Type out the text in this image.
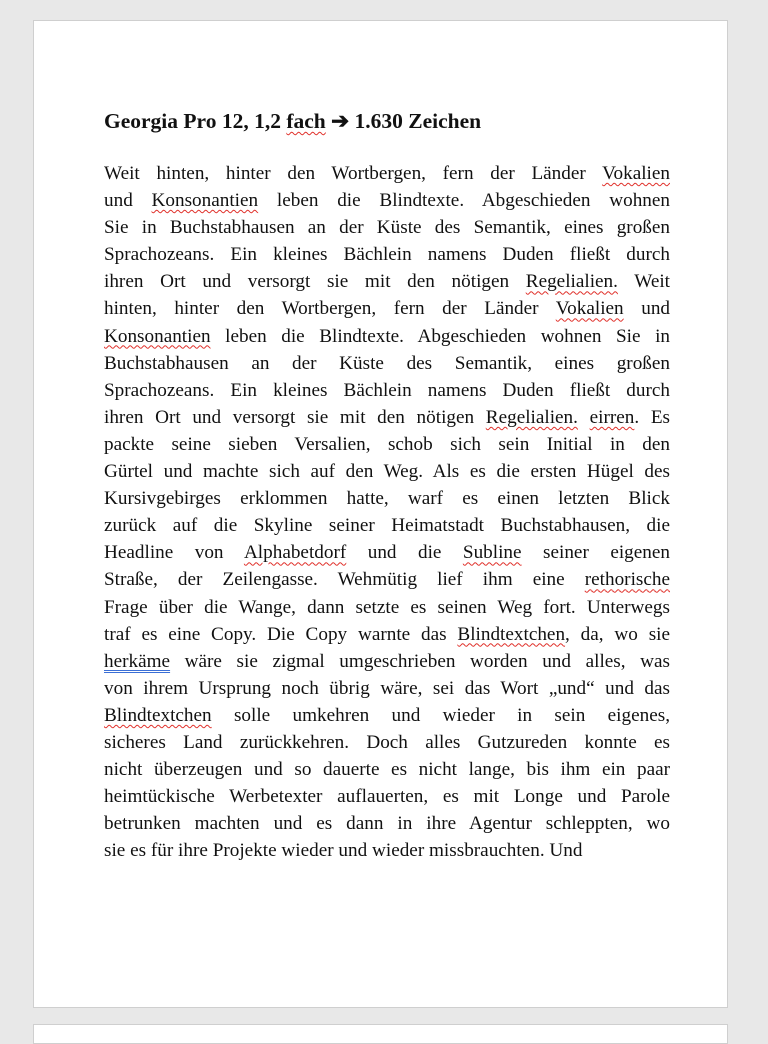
Georgia Pro 12, 1,2 fach ➔ 1.630 Zeichen
Weit hinten, hinter den Wortbergen, fern der Länder Vokalien
und Konsonantien leben die Blindtexte. Abgeschieden wohnen
Sie in Buchstabhausen an der Küste des Semantik, eines großen
Sprachozeans. Ein kleines Bächlein namens Duden fließt durch
ihren Ort und versorgt sie mit den nötigen Regelialien. Weit
hinten, hinter den Wortbergen, fern der Länder Vokalien und
Konsonantien leben die Blindtexte. Abgeschieden wohnen Sie in
Buchstabhausen an der Küste des Semantik, eines großen
Sprachozeans. Ein kleines Bächlein namens Duden fließt durch
ihren Ort und versorgt sie mit den nötigen Regelialien. eirren. Es
packte seine sieben Versalien, schob sich sein Initial in den
Gürtel und machte sich auf den Weg. Als es die ersten Hügel des
Kursivgebirges erklommen hatte, warf es einen letzten Blick
zurück auf die Skyline seiner Heimatstadt Buchstabhausen, die
Headline von Alphabetdorf und die Subline seiner eigenen
Straße, der Zeilengasse. Wehmütig lief ihm eine rethorische
Frage über die Wange, dann setzte es seinen Weg fort. Unterwegs
traf es eine Copy. Die Copy warnte das Blindtextchen, da, wo sie
herkäme wäre sie zigmal umgeschrieben worden und alles, was
von ihrem Ursprung noch übrig wäre, sei das Wort „und“ und das
Blindtextchen solle umkehren und wieder in sein eigenes,
sicheres Land zurückkehren. Doch alles Gutzureden konnte es
nicht überzeugen und so dauerte es nicht lange, bis ihm ein paar
heimtückische Werbetexter auflauerten, es mit Longe und Parole
betrunken machten und es dann in ihre Agentur schleppten, wo
sie es für ihre Projekte wieder und wieder missbrauchten. Und
